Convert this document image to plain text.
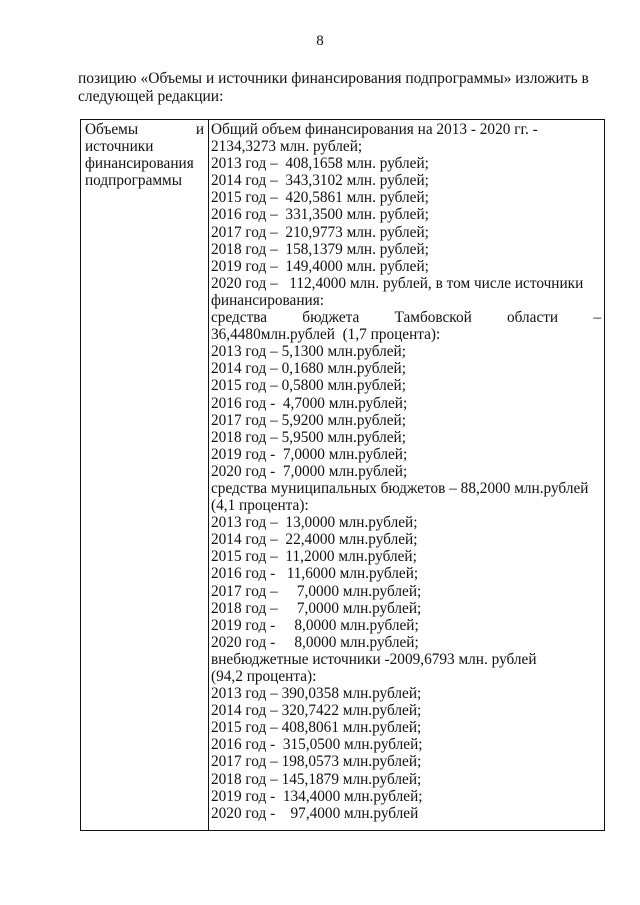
8
позицию «Объемы и источники финансирования подпрограммы» изложить в
следующей редакции:
Объемы	и
источники
финансирования
подпрограммы
Общий объем финансирования на 2013 - 2020 гг. -
2134,3273 млн. рублей;
2013 год –  408,1658 млн. рублей;
2014 год –  343,3102 млн. рублей;
2015 год –  420,5861 млн. рублей;
2016 год –  331,3500 млн. рублей;
2017 год –  210,9773 млн. рублей;
2018 год –  158,1379 млн. рублей;
2019 год –  149,4000 млн. рублей;
2020 год –   112,4000 млн. рублей, в том числе источники
финансирования:
средства бюджета Тамбовской области –
36,4480млн.рублей  (1,7 процента):
2013 год – 5,1300 млн.рублей;
2014 год – 0,1680 млн.рублей;
2015 год – 0,5800 млн.рублей;
2016 год -  4,7000 млн.рублей;
2017 год – 5,9200 млн.рублей;
2018 год – 5,9500 млн.рублей;
2019 год -  7,0000 млн.рублей;
2020 год -  7,0000 млн.рублей;
средства муниципальных бюджетов – 88,2000 млн.рублей
(4,1 процента):
2013 год –  13,0000 млн.рублей;
2014 год –  22,4000 млн.рублей;
2015 год –  11,2000 млн.рублей;
2016 год -   11,6000 млн.рублей;
2017 год –     7,0000 млн.рублей;
2018 год –     7,0000 млн.рублей;
2019 год -     8,0000 млн.рублей;
2020 год -     8,0000 млн.рублей;
внебюджетные источники -2009,6793 млн. рублей
(94,2 процента):
2013 год – 390,0358 млн.рублей;
2014 год – 320,7422 млн.рублей;
2015 год – 408,8061 млн.рублей;
2016 год -  315,0500 млн.рублей;
2017 год – 198,0573 млн.рублей;
2018 год – 145,1879 млн.рублей;
2019 год -  134,4000 млн.рублей;
2020 год -    97,4000 млн.рублей
